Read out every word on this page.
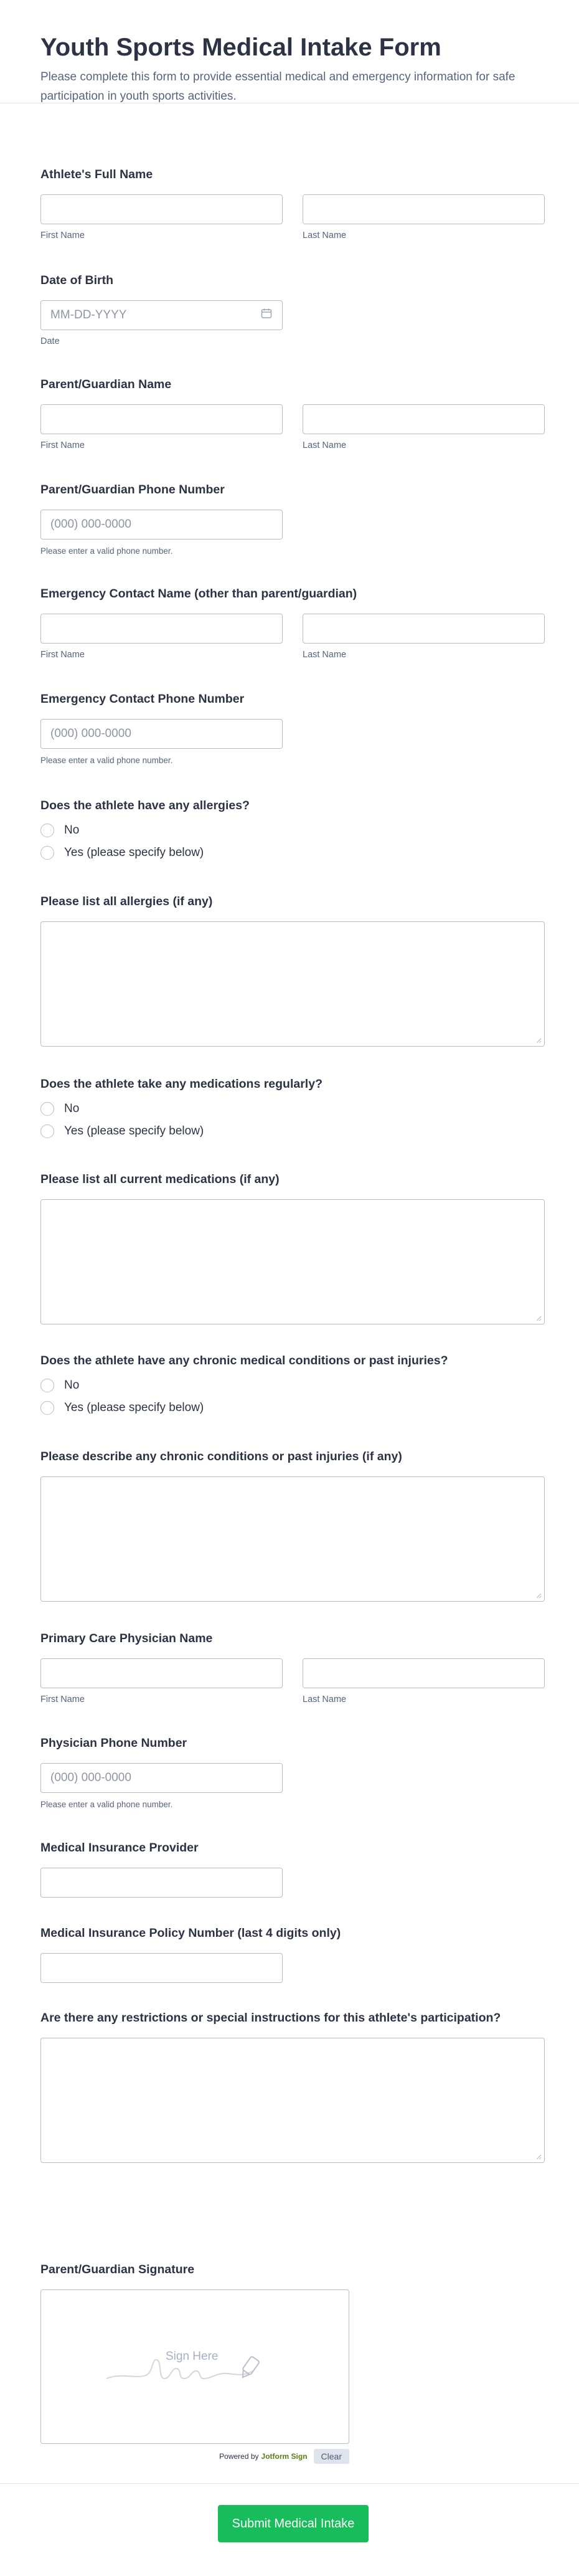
Youth Sports Medical Intake Form

Please complete this form to provide essential medical and emergency information for safe participation in youth sports activities.

Athlete's Full Name
First Name	Last Name
Date of Birth
MM-DD-YYYY
Date
Parent/Guardian Name
First Name	Last Name
Parent/Guardian Phone Number
(000) 000-0000
Please enter a valid phone number.
Emergency Contact Name (other than parent/guardian)
First Name	Last Name
Emergency Contact Phone Number
(000) 000-0000
Please enter a valid phone number.
Does the athlete have any allergies?
No
Yes (please specify below)
Please list all allergies (if any)
Does the athlete take any medications regularly?
No
Yes (please specify below)
Please list all current medications (if any)
Does the athlete have any chronic medical conditions or past injuries?
No
Yes (please specify below)
Please describe any chronic conditions or past injuries (if any)
Primary Care Physician Name
First Name	Last Name
Physician Phone Number
(000) 000-0000
Please enter a valid phone number.
Medical Insurance Provider
Medical Insurance Policy Number (last 4 digits only)
Are there any restrictions or special instructions for this athlete's participation?
Parent/Guardian Signature
Sign Here
Powered by Jotform Sign	Clear
Submit Medical Intake
